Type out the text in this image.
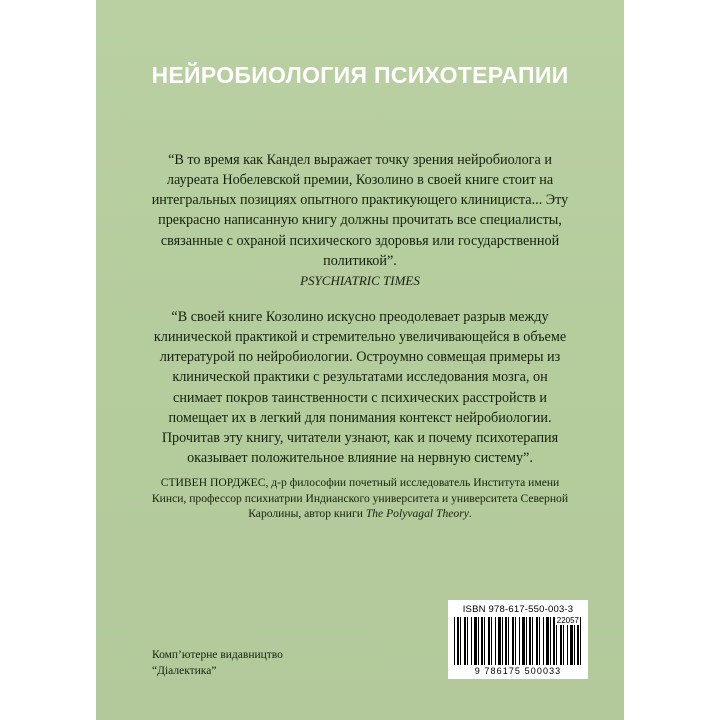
НЕЙРОБИОЛОГИЯ ПСИХОТЕРАПИИ
“В то время как Кандел выражает точку зрения нейробиолога и лауреата Нобелевской премии, Козолино в своей книге стоит на интегральных позициях опытного практикующего клинициста... Эту прекрасно написанную книгу должны прочитать все специалисты, связанные с охраной психического здоровья или государственной политикой”.
PSYCHIATRIC TIMES
“В своей книге Козолино искусно преодолевает разрыв между клинической практикой и стремительно увеличивающейся в объеме литературой по нейробиологии. Остроумно совмещая примеры из клинической практики с результатами исследования мозга, он снимает покров таинственности с психических расстройств и помещает их в легкий для понимания контекст нейробиологии. Прочитав эту книгу, читатели узнают, как и почему психотерапия оказывает положительное влияние на нервную систему”.
СТИВЕН ПОРДЖЕС, д-р философии почетный исследователь Института имени Кинси, профессор психиатрии Индианского университета и университета Северной Каролины, автор книги The Polyvagal Theory.
Комп’ютерне видавництво
“Діалектика”
ISBN 978-617-550-003-3
22057
9 786175 500033
